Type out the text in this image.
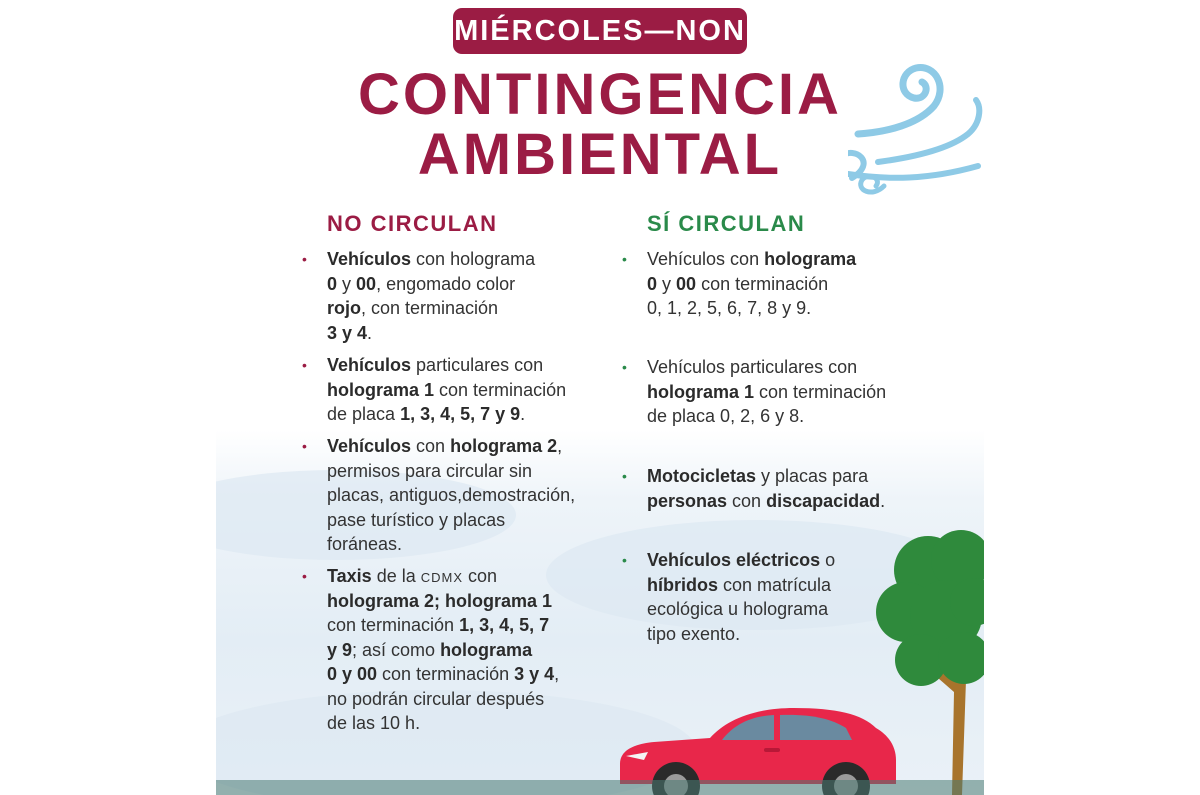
MIÉRCOLES—NON
CONTINGENCIA
AMBIENTAL
NO CIRCULAN	SÍ CIRCULAN
• Vehículos con holograma
0 y 00, engomado color
rojo, con terminación
3 y 4.
• Vehículos particulares con
holograma 1 con terminación
de placa 1, 3, 4, 5, 7 y 9.
• Vehículos con holograma 2,
permisos para circular sin
placas, antiguos,demostración,
pase turístico y placas
foráneas.
• Taxis de la cdmx con
holograma 2; holograma 1
con terminación 1, 3, 4, 5, 7
y 9; así como holograma
0 y 00 con terminación 3 y 4,
no podrán circular después
de las 10 h.
• Vehículos con holograma
0 y 00 con terminación
0, 1, 2, 5, 6, 7, 8 y 9.
• Vehículos particulares con
holograma 1 con terminación
de placa 0, 2, 6 y 8.
• Motocicletas y placas para
personas con discapacidad.
• Vehículos eléctricos o
híbridos con matrícula
ecológica u holograma
tipo exento.
